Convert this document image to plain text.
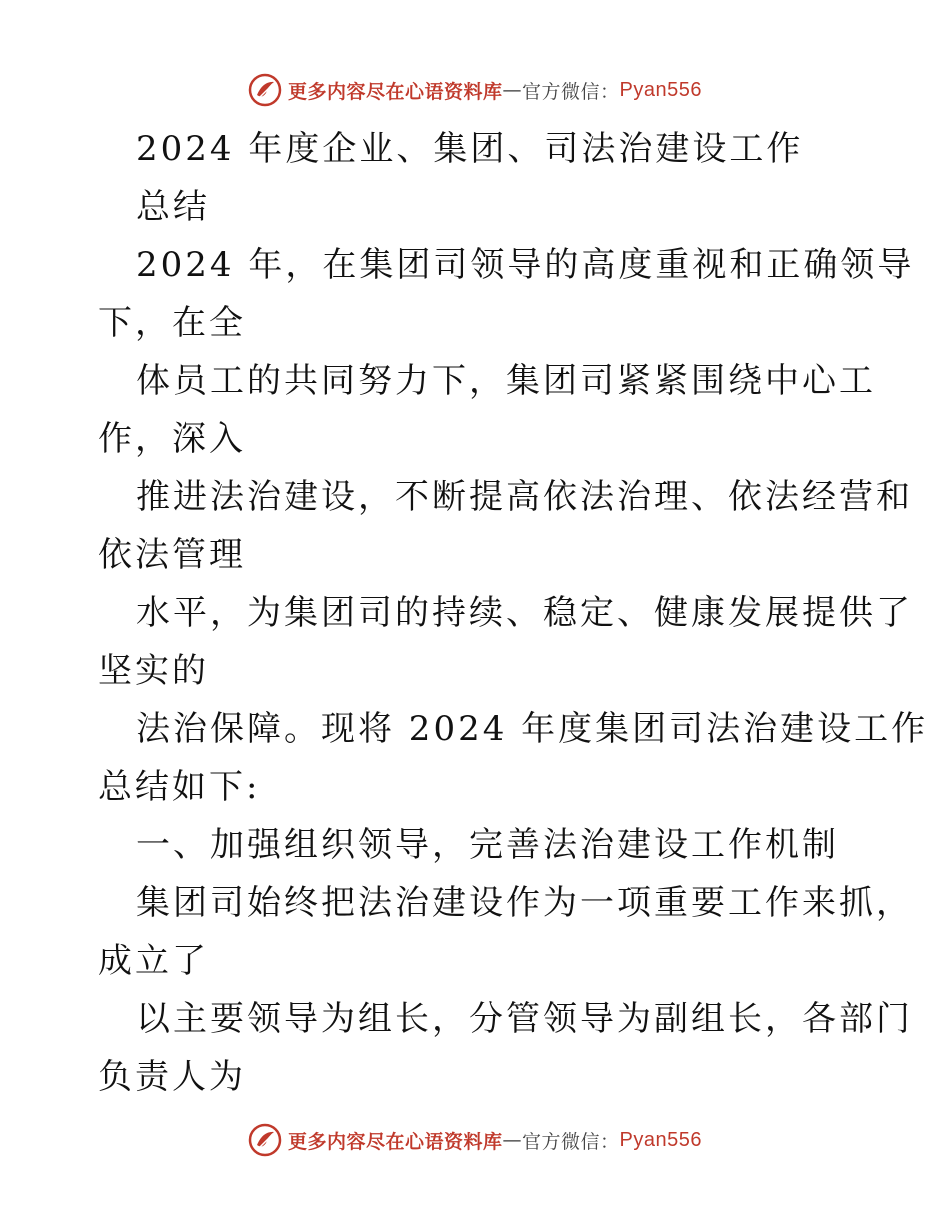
更多内容尽在心语资料库 — 官方微信： Pyan556
2024 年度企业、集团、司法治建设工作
总结
2024 年，在集团司领导的高度重视和正确领导
下，在全
体员工的共同努力下，集团司紧紧围绕中心工
作，深入
推进法治建设，不断提高依法治理、依法经营和
依法管理
水平，为集团司的持续、稳定、健康发展提供了
坚实的
法治保障。现将 2024 年度集团司法治建设工作
总结如下:
一、加强组织领导，完善法治建设工作机制
集团司始终把法治建设作为一项重要工作来抓，
成立了
以主要领导为组长，分管领导为副组长，各部门
负责人为
更多内容尽在心语资料库 — 官方微信： Pyan556
